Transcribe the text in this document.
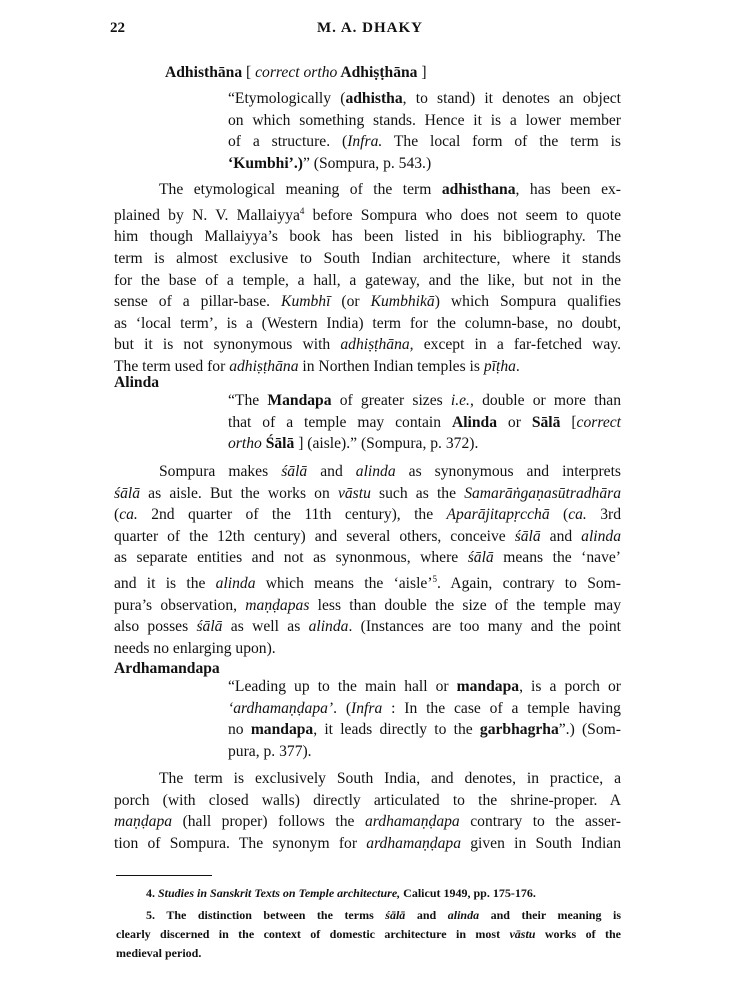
22	M. A. DHAKY
Adhisthāna [ correct ortho Adhiṣṭhāna ]
“Etymologically (adhistha, to stand) it denotes an object
on which something stands. Hence it is a lower member
of a structure. (Infra. The local form of the term is
‘Kumbhi’.)” (Sompura, p. 543.)
The etymological meaning of the term adhisthana, has been ex-
plained by N. V. Mallaiyya$^4$ before Sompura who does not seem to quote
him though Mallaiyya’s book has been listed in his bibliography. The
term is almost exclusive to South Indian architecture, where it stands
for the base of a temple, a hall, a gateway, and the like, but not in the
sense of a pillar-base. Kumbhī (or Kumbhikā) which Sompura qualifies
as ‘local term’, is a (Western India) term for the column-base, no doubt,
but it is not synonymous with adhiṣṭhāna, except in a far-fetched way.
The term used for adhiṣṭhāna in Northen Indian temples is pīṭha.
Alinda
“The Mandapa of greater sizes i.e., double or more than
that of a temple may contain Alinda or Sālā [correct
ortho Śālā ] (aisle).” (Sompura, p. 372).
Sompura makes śālā and alinda as synonymous and interprets
śālā as aisle. But the works on vāstu such as the Samarāṅgaṇasūtradhāra
(ca. 2nd quarter of the 11th century), the Aparājitapṛcchā (ca. 3rd
quarter of the 12th century) and several others, conceive śālā and alinda
as separate entities and not as synonmous, where śālā means the ‘nave’
and it is the alinda which means the ‘aisle’$^5$. Again, contrary to Som-
pura’s observation, maṇḍapas less than double the size of the temple may
also posses śālā as well as alinda. (Instances are too many and the point
needs no enlarging upon).
Ardhamandapa
“Leading up to the main hall or mandapa, is a porch or
‘ardhamaṇḍapa’. (Infra : In the case of a temple having
no mandapa, it leads directly to the garbhagrha”.) (Som-
pura, p. 377).
The term is exclusively South India, and denotes, in practice, a
porch (with closed walls) directly articulated to the shrine-proper. A
maṇḍapa (hall proper) follows the ardhamaṇḍapa contrary to the asser-
tion of Sompura. The synonym for ardhamaṇḍapa given in South Indian
4. Studies in Sanskrit Texts on Temple architecture, Calicut 1949, pp. 175-176.
5. The distinction between the terms śālā and alinda and their meaning is
clearly discerned in the context of domestic architecture in most vāstu works of the
medieval period.
